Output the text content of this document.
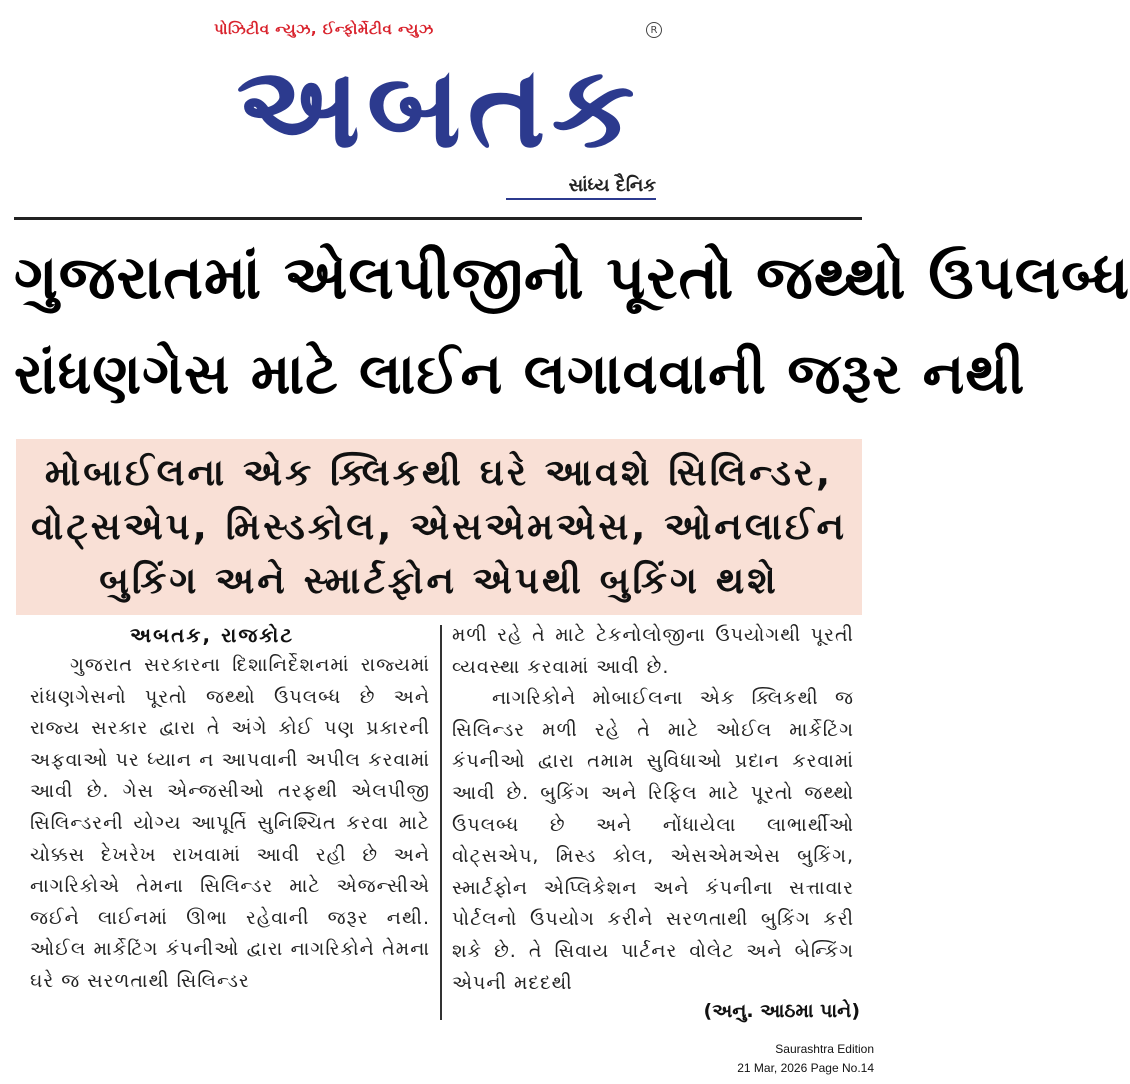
પોઝિટીવ ન્યુઝ, ઈન્ફોર્મેટીવ ન્યુઝ	R
અબતક
સાંધ્ય દૈનિક
ગુજરાતમાં એલપીજીનો પૂરતો જથ્થો ઉપલબ્ધ
રાંધણગેસ માટે લાઈન લગાવવાની જરૂર નથી
મોબાઈલના એક ક્લિકથી ઘરે આવશે સિલિન્ડર,
વોટ્સએપ, મિસ્ડકોલ, એસએમએસ, ઓનલાઈન
બુકિંગ અને સ્માર્ટફોન એપથી બુકિંગ થશે
અબતક, રાજકોટ

ગુજરાત સરકારના દિશાનિર્દેશનમાં રાજ્યમાં રાંધણગેસનો પૂરતો જથ્થો ઉપલબ્ધ છે અને રાજ્ય સરકાર દ્વારા તે અંગે કોઈ પણ પ્રકારની અફવાઓ પર ધ્યાન ન આપવાની અપીલ કરવામાં આવી છે. ગેસ એન્જસીઓ તરફથી એલપીજી સિલિન્ડરની યોગ્ય આપૂર્તિ સુનિશ્ચિત કરવા માટે ચોક્કસ દેખરેખ રાખવામાં આવી રહી છે અને નાગરિકોએ તેમના સિલિન્ડર માટે એજન્સીએ જઈને લાઈનમાં ઊભા રહેવાની જરૂર નથી. ઓઈલ માર્કેટિંગ કંપનીઓ દ્વારા નાગરિકોને તેમના ઘરે જ સરળતાથી સિલિન્ડર

મળી રહે તે માટે ટેકનોલોજીના ઉપયોગથી પૂરતી વ્યવસ્થા કરવામાં આવી છે.

નાગરિકોને મોબાઈલના એક ક્લિકથી જ સિલિન્ડર મળી રહે તે માટે ઓઈલ માર્કેટિંગ કંપનીઓ દ્વારા તમામ સુવિધાઓ પ્રદાન કરવામાં આવી છે. બુકિંગ અને રિફિલ માટે પૂરતો જથ્થો ઉપલબ્ધ છે અને નોંધાયેલા લાભાર્થીઓ વોટ્સએપ, મિસ્ડ કોલ, એસએમએસ બુકિંગ, સ્માર્ટફોન એપ્લિકેશન અને કંપનીના સત્તાવાર પોર્ટલનો ઉપયોગ કરીને સરળતાથી બુકિંગ કરી શકે છે. તે સિવાય પાર્ટનર વોલેટ અને બેન્કિંગ એપની મદદથી

(અનુ. આઠમા પાને)
Saurashtra Edition
21 Mar, 2026 Page No.14
